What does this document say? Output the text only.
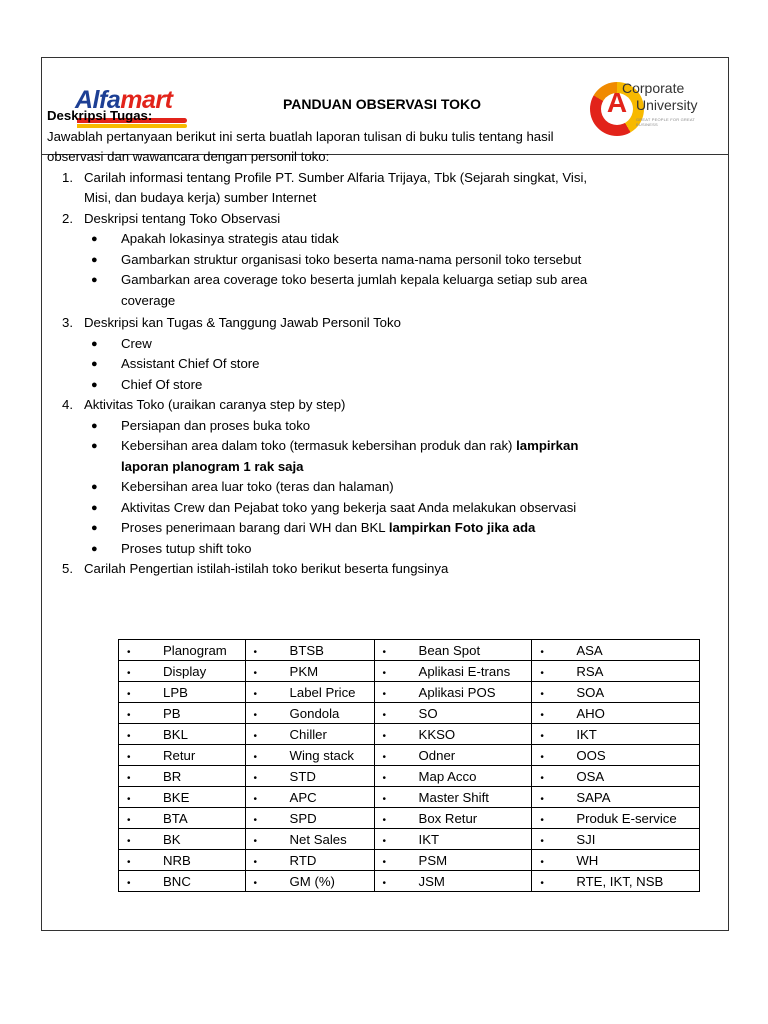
Alfamart	PANDUAN OBSERVASI TOKO	A
Corporate
University
GREAT PEOPLE FOR GREAT BUSINESS
Deskripsi Tugas:
Jawablah pertanyaan berikut ini serta buatlah laporan tulisan di buku tulis tentang hasil
observasi dan wawancara dengan personil toko:
1. Carilah informasi tentang Profile PT. Sumber Alfaria Trijaya, Tbk (Sejarah singkat, Visi,
Misi, dan budaya kerja) sumber Internet
2. Deskripsi tentang Toko Observasi
● Apakah lokasinya strategis atau tidak
● Gambarkan struktur organisasi toko beserta nama-nama personil toko tersebut
● Gambarkan area coverage toko beserta jumlah kepala keluarga setiap sub area
coverage
3. Deskripsi kan Tugas & Tanggung Jawab Personil Toko
● Crew
● Assistant Chief Of store
● Chief Of store
4. Aktivitas Toko (uraikan caranya step by step)
● Persiapan dan proses buka toko
● Kebersihan area dalam toko (termasuk kebersihan produk dan rak) lampirkan
laporan planogram 1 rak saja
● Kebersihan area luar toko (teras dan halaman)
● Aktivitas Crew dan Pejabat toko yang bekerja saat Anda melakukan observasi
● Proses penerimaan barang dari WH dan BKL lampirkan Foto jika ada
● Proses tutup shift toko
5. Carilah Pengertian istilah-istilah toko berikut beserta fungsinya
• Planogram	• BTSB	• Bean Spot	• ASA
• Display	• PKM	• Aplikasi E-trans	• RSA
• LPB	• Label Price	• Aplikasi POS	• SOA
• PB	• Gondola	• SO	• AHO
• BKL	• Chiller	• KKSO	• IKT
• Retur	• Wing stack	• Odner	• OOS
• BR	• STD	• Map Acco	• OSA
• BKE	• APC	• Master Shift	• SAPA
• BTA	• SPD	• Box Retur	• Produk E-service
• BK	• Net Sales	• IKT	• SJI
• NRB	• RTD	• PSM	• WH
• BNC	• GM (%)	• JSM	• RTE, IKT, NSB
